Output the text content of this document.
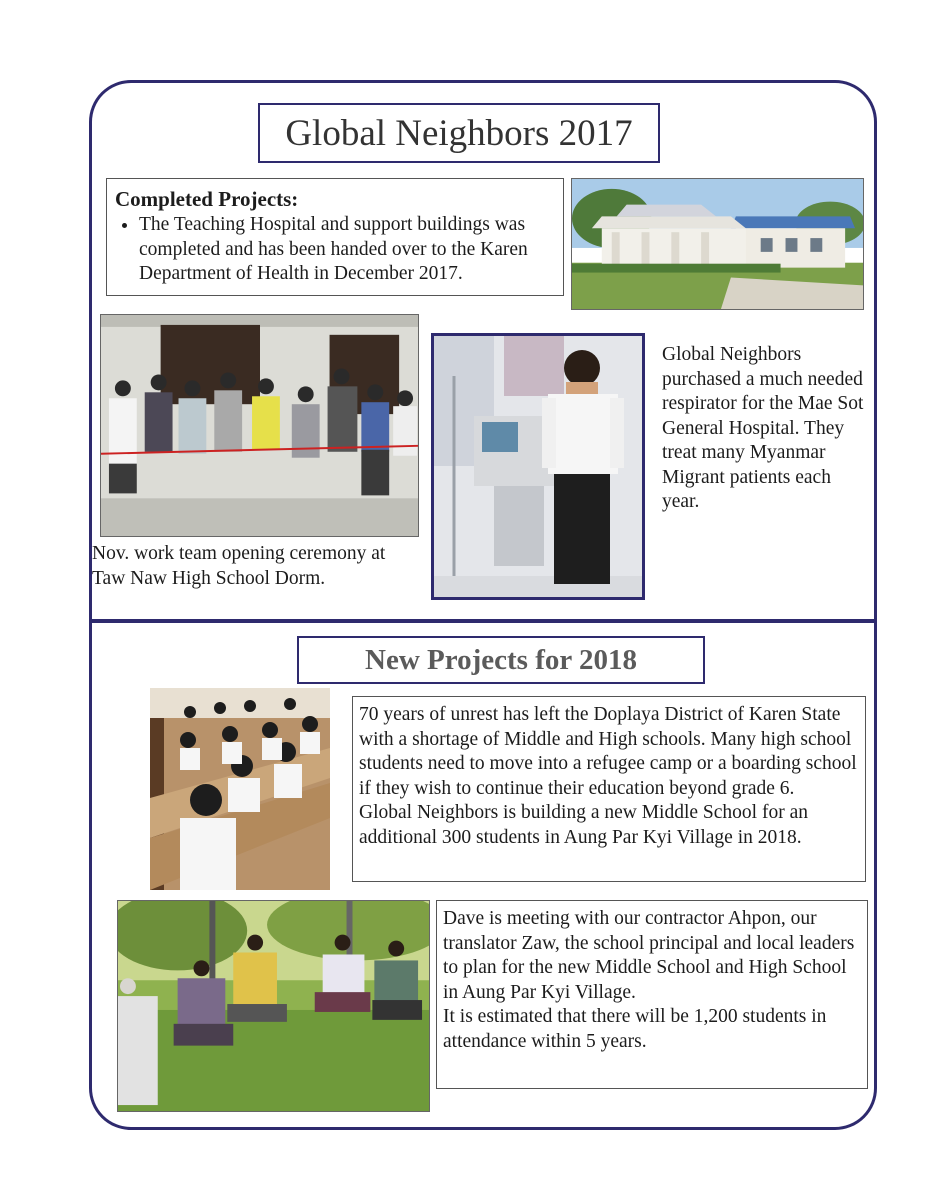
Global Neighbors 2017
Completed Projects:
• The Teaching Hospital and support buildings was completed and has been handed over to the Karen Department of Health in December 2017.
Global Neighbors purchased a much needed respirator for the Mae Sot General Hospital. They treat many Myanmar Migrant patients each year.
Nov. work team opening ceremony at Taw Naw High School Dorm.
New Projects for 2018

70 years of unrest has left the Doplaya District of Karen State with a shortage of Middle and High schools. Many high school students need to move into a refugee camp or a boarding school if they wish to continue their education beyond grade 6.

Global Neighbors is building a new Middle School for an additional 300 students in Aung Par Kyi Village in 2018.

Dave is meeting with our contractor Ahpon, our translator Zaw, the school principal and local leaders to plan for the new Middle School and High School in Aung Par Kyi Village.

It is estimated that there will be 1,200 students in attendance within 5 years.
